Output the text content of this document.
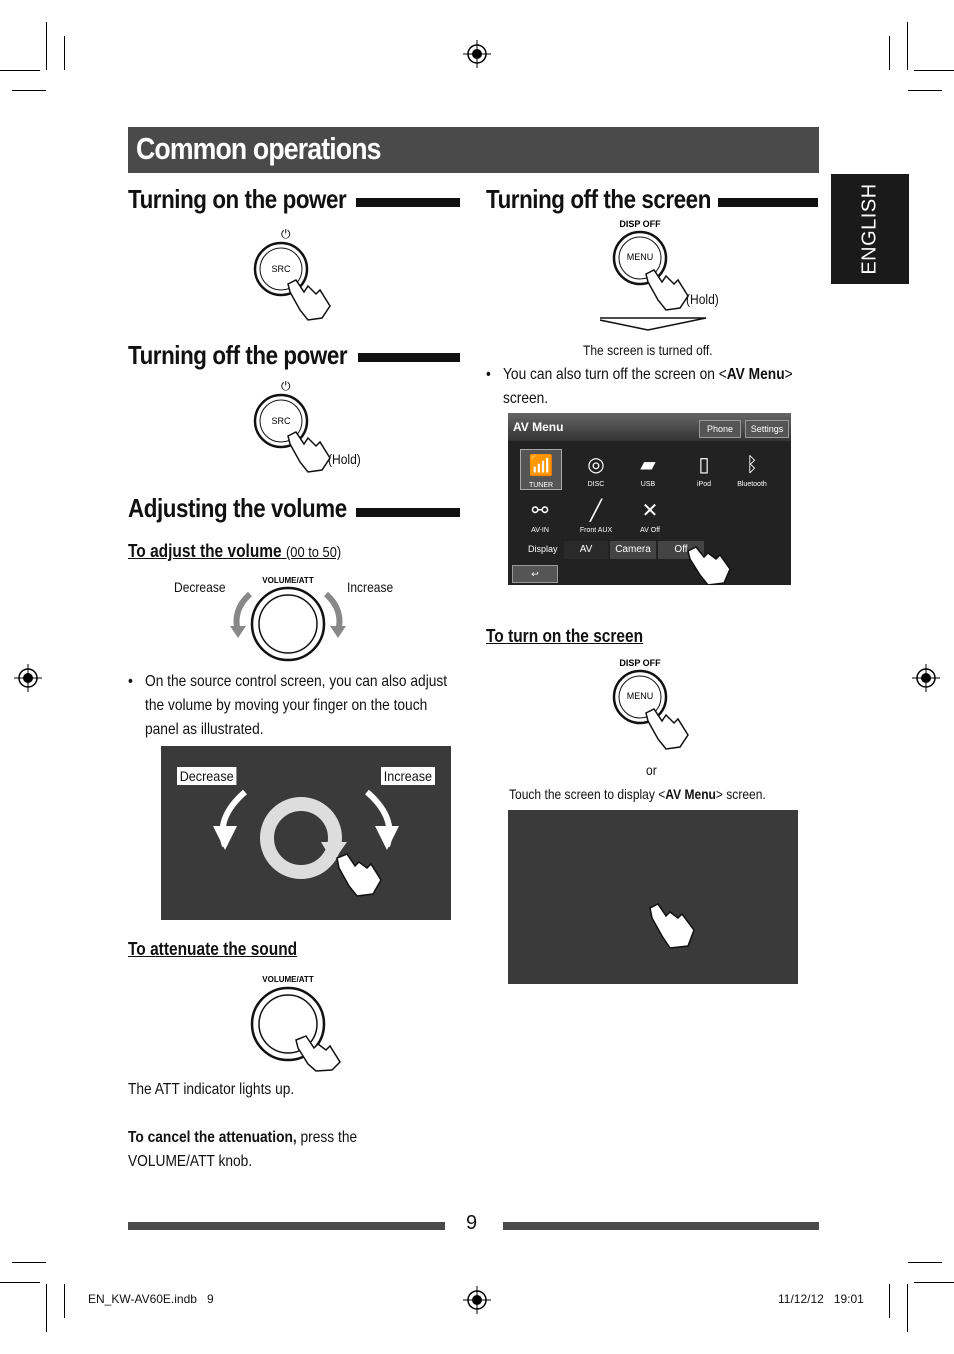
Common operations
ENGLISH
Turning on the power
⏻
SRC
Turning off the power
⏻
SRC
(Hold)
Adjusting the volume
To adjust the volume (00 to 50)
Decrease	Increase
VOLUME/ATT
• On the source control screen, you can also adjust the volume by moving your finger on the touch panel as illustrated.
Decrease	Increase
To attenuate the sound
VOLUME/ATT
The ATT indicator lights up.
To cancel the attenuation, press the VOLUME/ATT knob.
Turning off the screen
DISP OFF
MENU
(Hold)
The screen is turned off.
• You can also turn off the screen on <AV Menu> screen.
AV Menu	Phone	Settings
📶
TUNER
◎
DISC
▰
USB
▯
iPod
ᛒ
Bluetooth
⚯
AV-IN
╱
Front AUX
✕
AV Off
Display	AV	Camera	Off
↩
To turn on the screen
DISP OFF
MENU
or
Touch the screen to display <AV Menu> screen.
9
EN_KW-AV60E.indb   9	11/12/12   19:01
